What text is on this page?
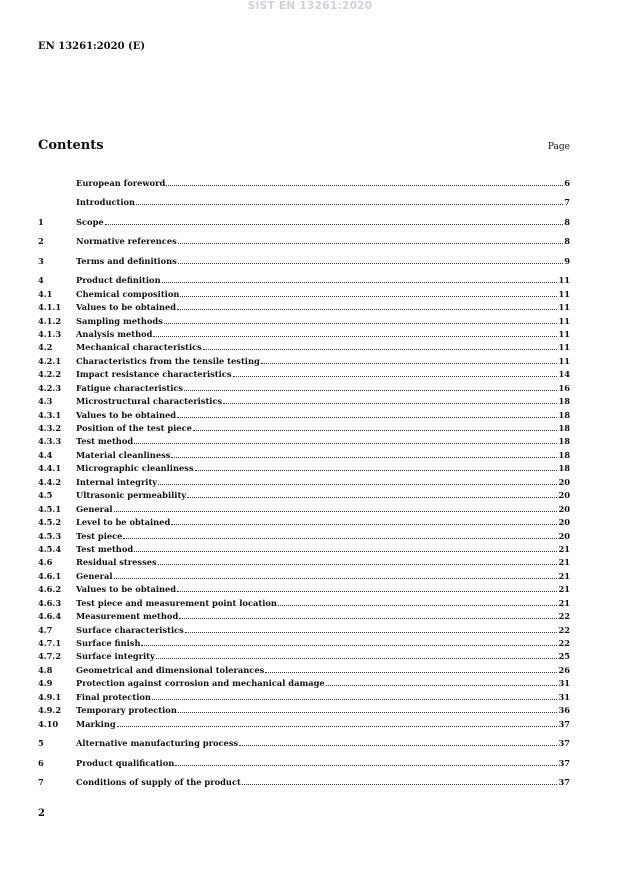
SIST EN 13261:2020
EN 13261:2020 (E)
Contents	Page
European foreword	6
Introduction	7
1	Scope	8
2	Normative references	8
3	Terms and definitions	9
4	Product definition	11
4.1	Chemical composition	11
4.1.1	Values to be obtained	11
4.1.2	Sampling methods	11
4.1.3	Analysis method	11
4.2	Mechanical characteristics	11
4.2.1	Characteristics from the tensile testing	11
4.2.2	Impact resistance characteristics	14
4.2.3	Fatigue characteristics	16
4.3	Microstructural characteristics	18
4.3.1	Values to be obtained	18
4.3.2	Position of the test piece	18
4.3.3	Test method	18
4.4	Material cleanliness	18
4.4.1	Micrographic cleanliness	18
4.4.2	Internal integrity	20
4.5	Ultrasonic permeability	20
4.5.1	General	20
4.5.2	Level to be obtained	20
4.5.3	Test piece	20
4.5.4	Test method	21
4.6	Residual stresses	21
4.6.1	General	21
4.6.2	Values to be obtained	21
4.6.3	Test piece and measurement point location	21
4.6.4	Measurement method	22
4.7	Surface characteristics	22
4.7.1	Surface finish	22
4.7.2	Surface integrity	25
4.8	Geometrical and dimensional tolerances	26
4.9	Protection against corrosion and mechanical damage	31
4.9.1	Final protection	31
4.9.2	Temporary protection	36
4.10	Marking	37
5	Alternative manufacturing process	37
6	Product qualification	37
7	Conditions of supply of the product	37
2
